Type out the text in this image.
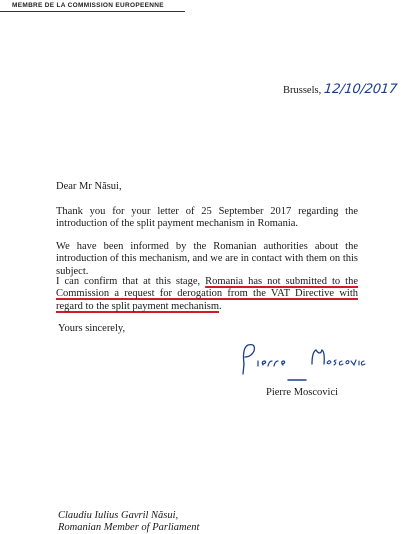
MEMBRE DE LA COMMISSION EUROPEENNE
Brussels, 12/10/2017
Dear Mr Năsui,

Thank you for your letter of 25 September 2017 regarding the introduction of the split payment mechanism in Romania.

We have been informed by the Romanian authorities about the introduction of this mechanism, and we are in contact with them on this subject.

I can confirm that at this stage, Romania has not submitted to the Commission a request for derogation from the VAT Directive with regard to the split payment mechanism.

Yours sincerely,
Pierre Moscovici
Claudiu Iulius Gavril Năsui,
Romanian Member of Parliament
